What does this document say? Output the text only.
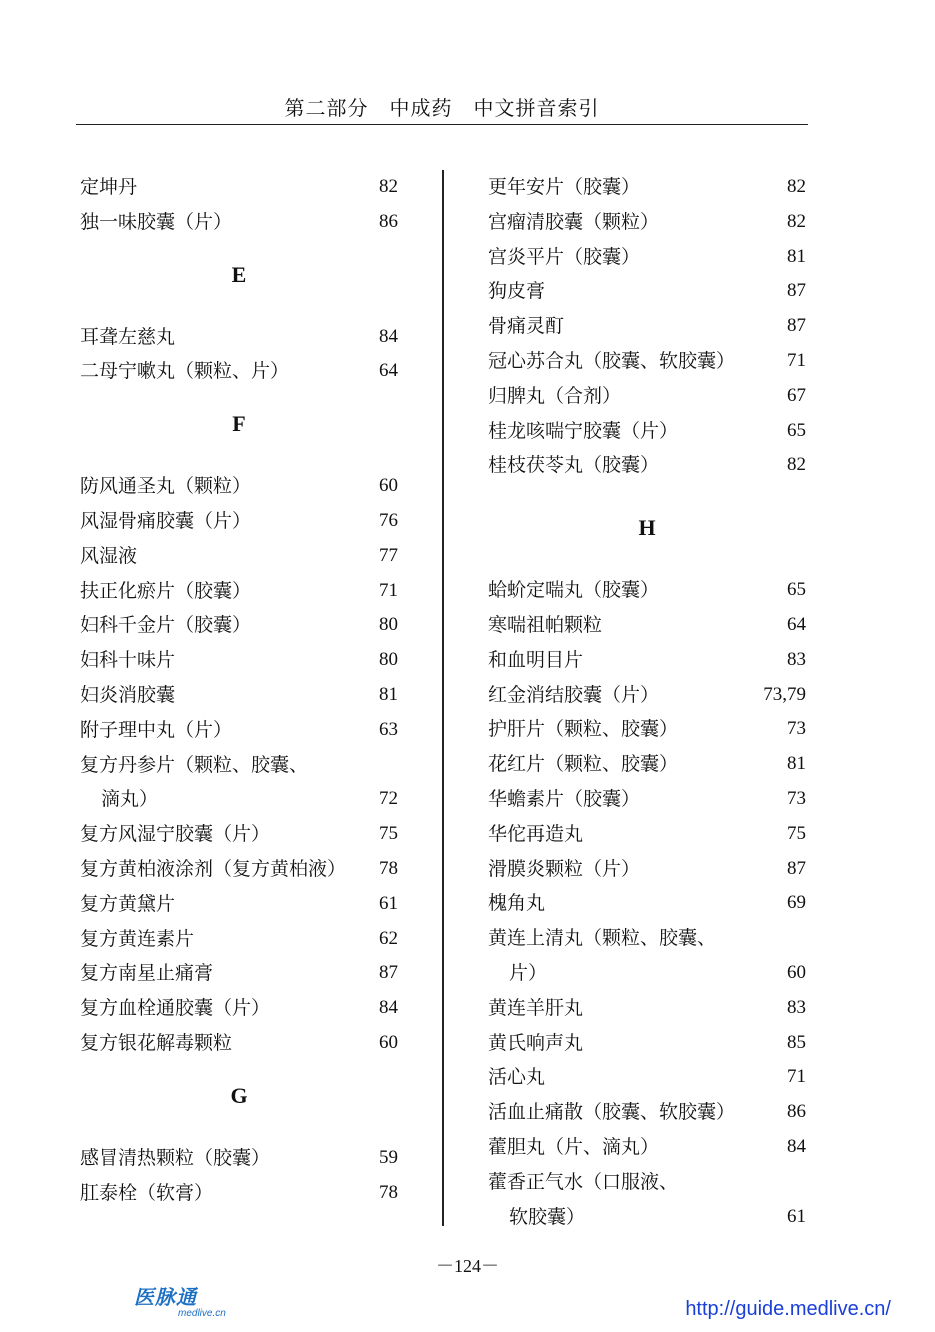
第二部分　中成药　中文拼音索引
定坤丹	82
独一味胶囊（片）	86
E
耳聋左慈丸	84
二母宁嗽丸（颗粒、片）	64
F
防风通圣丸（颗粒）	60
风湿骨痛胶囊（片）	76
风湿液	77
扶正化瘀片（胶囊）	71
妇科千金片（胶囊）	80
妇科十味片	80
妇炎消胶囊	81
附子理中丸（片）	63
复方丹参片（颗粒、胶囊、
滴丸）	72
复方风湿宁胶囊（片）	75
复方黄柏液涂剂（复方黄柏液） 78
复方黄黛片	61
复方黄连素片	62
复方南星止痛膏	87
复方血栓通胶囊（片）	84
复方银花解毒颗粒	60
G
感冒清热颗粒（胶囊）	59
肛泰栓（软膏）	78
更年安片（胶囊）	82
宫瘤清胶囊（颗粒）	82
宫炎平片（胶囊）	81
狗皮膏	87
骨痛灵酊	87
冠心苏合丸（胶囊、软胶囊）	71
归脾丸（合剂）	67
桂龙咳喘宁胶囊（片）	65
桂枝茯苓丸（胶囊）	82
H
蛤蚧定喘丸（胶囊）	65
寒喘祖帕颗粒	64
和血明目片	83
红金消结胶囊（片）	73,79
护肝片（颗粒、胶囊）	73
花红片（颗粒、胶囊）	81
华蟾素片（胶囊）	73
华佗再造丸	75
滑膜炎颗粒（片）	87
槐角丸	69
黄连上清丸（颗粒、胶囊、
片）	60
黄连羊肝丸	83
黄氏响声丸	85
活心丸	71
活血止痛散（胶囊、软胶囊）	86
藿胆丸（片、滴丸）	84
藿香正气水（口服液、
软胶囊）	61
－124－
医脉通
medlive.cn	http://guide.medlive.cn/
